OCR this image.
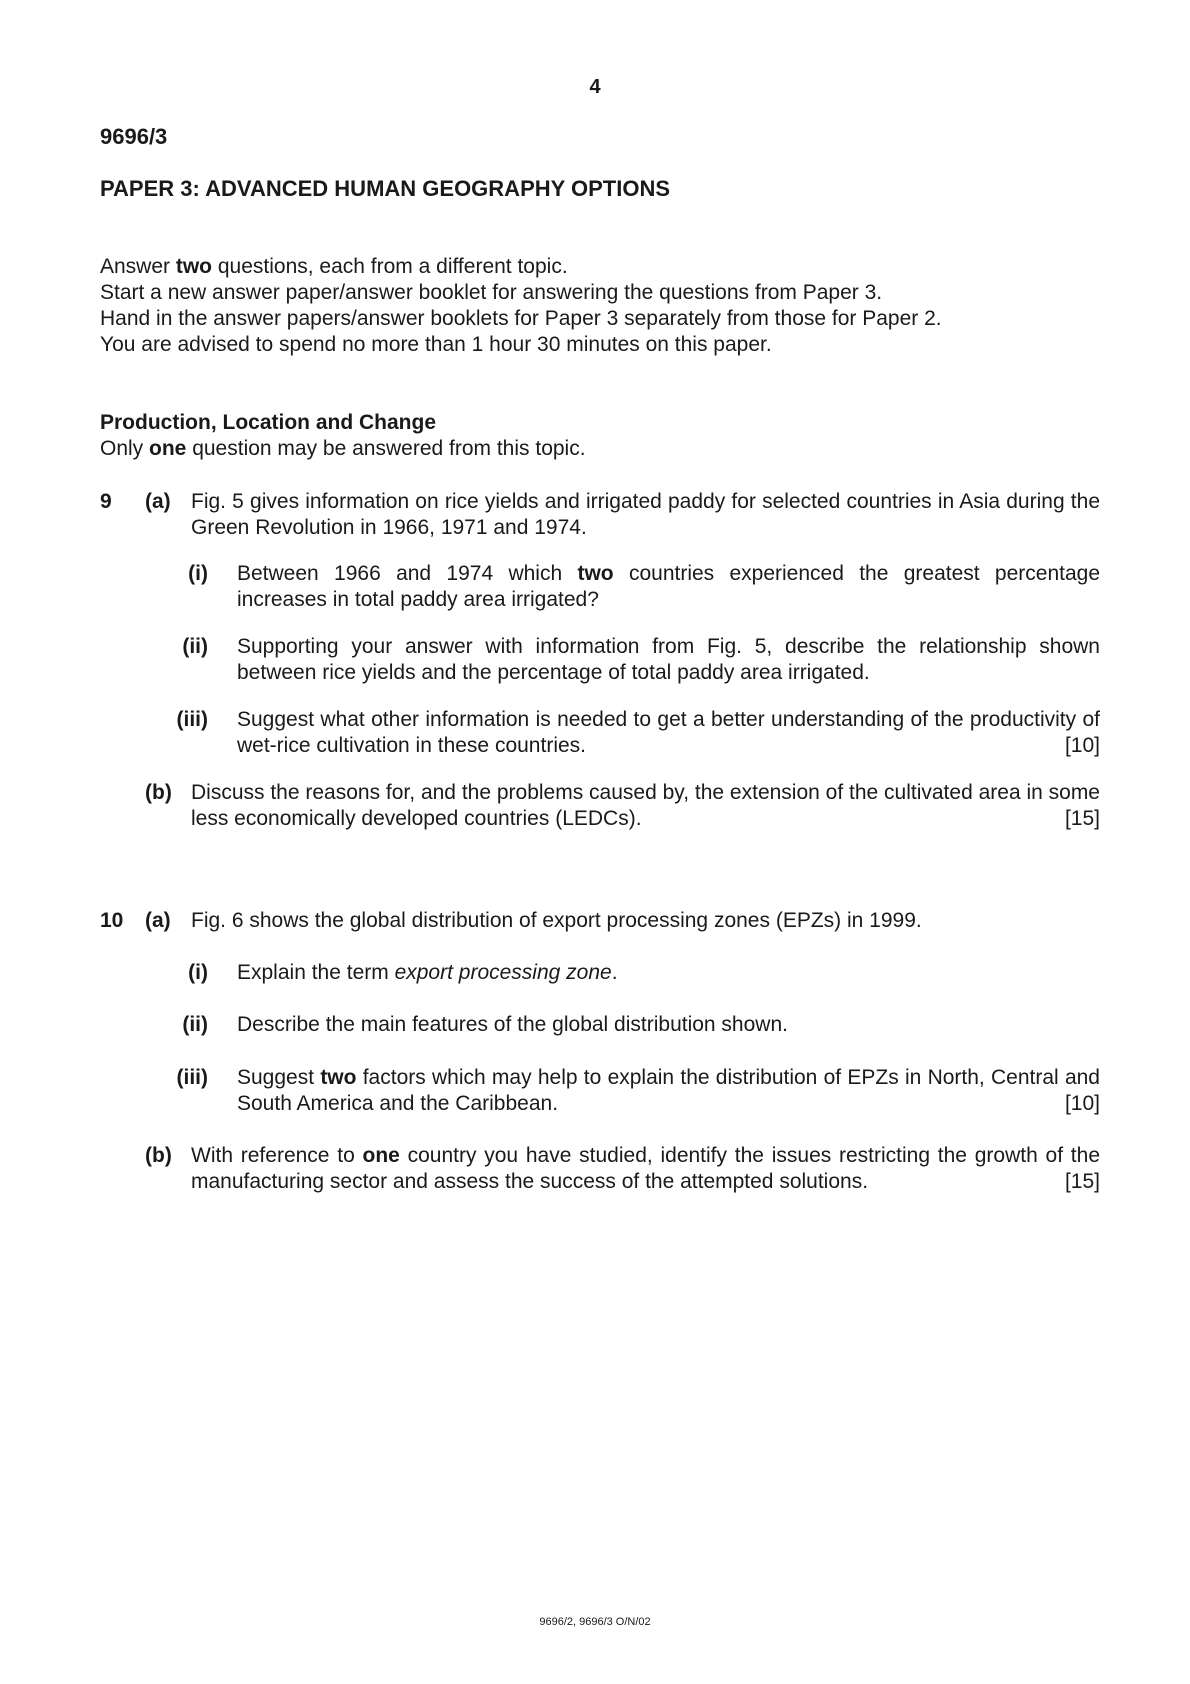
4
9696/3
PAPER 3: ADVANCED HUMAN GEOGRAPHY OPTIONS
Answer two questions, each from a different topic.
Start a new answer paper/answer booklet for answering the questions from Paper 3.
Hand in the answer papers/answer booklets for Paper 3 separately from those for Paper 2.
You are advised to spend no more than 1 hour 30 minutes on this paper.
Production, Location and Change
Only one question may be answered from this topic.
9 (a) Fig. 5 gives information on rice yields and irrigated paddy for selected countries in Asia during the Green Revolution in 1966, 1971 and 1974.
(i) Between 1966 and 1974 which two countries experienced the greatest percentage increases in total paddy area irrigated?
(ii) Supporting your answer with information from Fig. 5, describe the relationship shown between rice yields and the percentage of total paddy area irrigated.
(iii) Suggest what other information is needed to get a better understanding of the productivity of wet-rice cultivation in these countries.	[10]
(b) Discuss the reasons for, and the problems caused by, the extension of the cultivated area in some less economically developed countries (LEDCs).	[15]
10 (a) Fig. 6 shows the global distribution of export processing zones (EPZs) in 1999.
(i) Explain the term export processing zone.
(ii) Describe the main features of the global distribution shown.
(iii) Suggest two factors which may help to explain the distribution of EPZs in North, Central and South America and the Caribbean.	[10]
(b) With reference to one country you have studied, identify the issues restricting the growth of the manufacturing sector and assess the success of the attempted solutions.	[15]
9696/2, 9696/3 O/N/02
